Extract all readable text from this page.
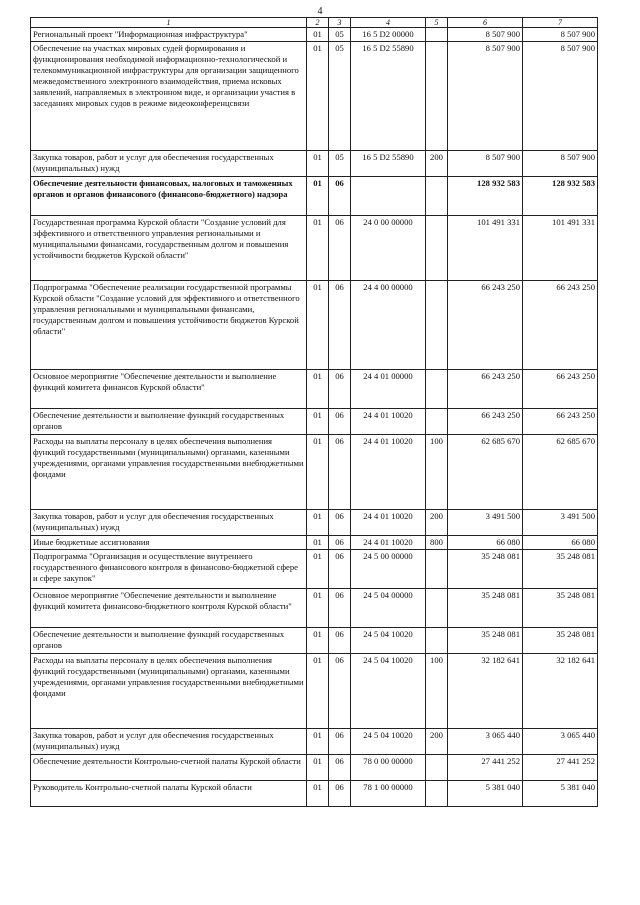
4
1	2	3	4	5	6	7
Региональный проект "Информационная инфраструктура"	01	05	16 5 D2 00000		8 507 900	8 507 900
Обеспечение на участках мировых судей формирования и функционирования необходимой информационно-технологической и телекоммуникационной инфраструктуры для организации защищенного межведомственного электронного взаимодействия, приема исковых заявлений, направляемых в электронном виде, и организации участия в заседаниях мировых судов в режиме видеоконференцсвязи	01	05	16 5 D2 55890		8 507 900	8 507 900
Закупка товаров, работ и услуг для обеспечения государственных (муниципальных) нужд	01	05	16 5 D2 55890	200	8 507 900	8 507 900
Обеспечение деятельности финансовых, налоговых и таможенных органов и органов финансового (финансово-бюджетного) надзора	01	06			128 932 583	128 932 583
Государственная программа Курской области "Создание условий для эффективного и ответственного управления региональными и муниципальными финансами, государственным долгом и повышения устойчивости бюджетов Курской области"	01	06	24 0 00 00000		101 491 331	101 491 331
Подпрограмма "Обеспечение реализации государственной программы Курской области "Создание условий для эффективного и ответственного управления региональными и муниципальными финансами, государственным долгом и повышения устойчивости бюджетов Курской области"	01	06	24 4 00 00000		66 243 250	66 243 250
Основное мероприятие "Обеспечение деятельности и выполнение функций комитета финансов Курской области"	01	06	24 4 01 00000		66 243 250	66 243 250
Обеспечение деятельности и выполнение функций государственных органов	01	06	24 4 01 10020		66 243 250	66 243 250
Расходы на выплаты персоналу в целях обеспечения выполнения функций государственными (муниципальными) органами, казенными учреждениями, органами управления государственными внебюджетными фондами	01	06	24 4 01 10020	100	62 685 670	62 685 670
Закупка товаров, работ и услуг для обеспечения государственных (муниципальных) нужд	01	06	24 4 01 10020	200	3 491 500	3 491 500
Иные бюджетные ассигнования	01	06	24 4 01 10020	800	66 080	66 080
Подпрограмма "Организация и осуществление внутреннего государственного финансового контроля в финансово-бюджетной сфере и сфере закупок"	01	06	24 5 00 00000		35 248 081	35 248 081
Основное мероприятие "Обеспечение деятельности и выполнение функций комитета финансово-бюджетного контроля Курской области"	01	06	24 5 04 00000		35 248 081	35 248 081
Обеспечение деятельности и выполнение функций государственных органов	01	06	24 5 04 10020		35 248 081	35 248 081
Расходы на выплаты персоналу в целях обеспечения выполнения функций государственными (муниципальными) органами, казенными учреждениями, органами управления государственными внебюджетными фондами	01	06	24 5 04 10020	100	32 182 641	32 182 641
Закупка товаров, работ и услуг для обеспечения государственных (муниципальных) нужд	01	06	24 5 04 10020	200	3 065 440	3 065 440
Обеспечение деятельности Контрольно-счетной палаты Курской области	01	06	78 0 00 00000		27 441 252	27 441 252
Руководитель Контрольно-счетной палаты Курской области	01	06	78 1 00 00000		5 381 040	5 381 040
